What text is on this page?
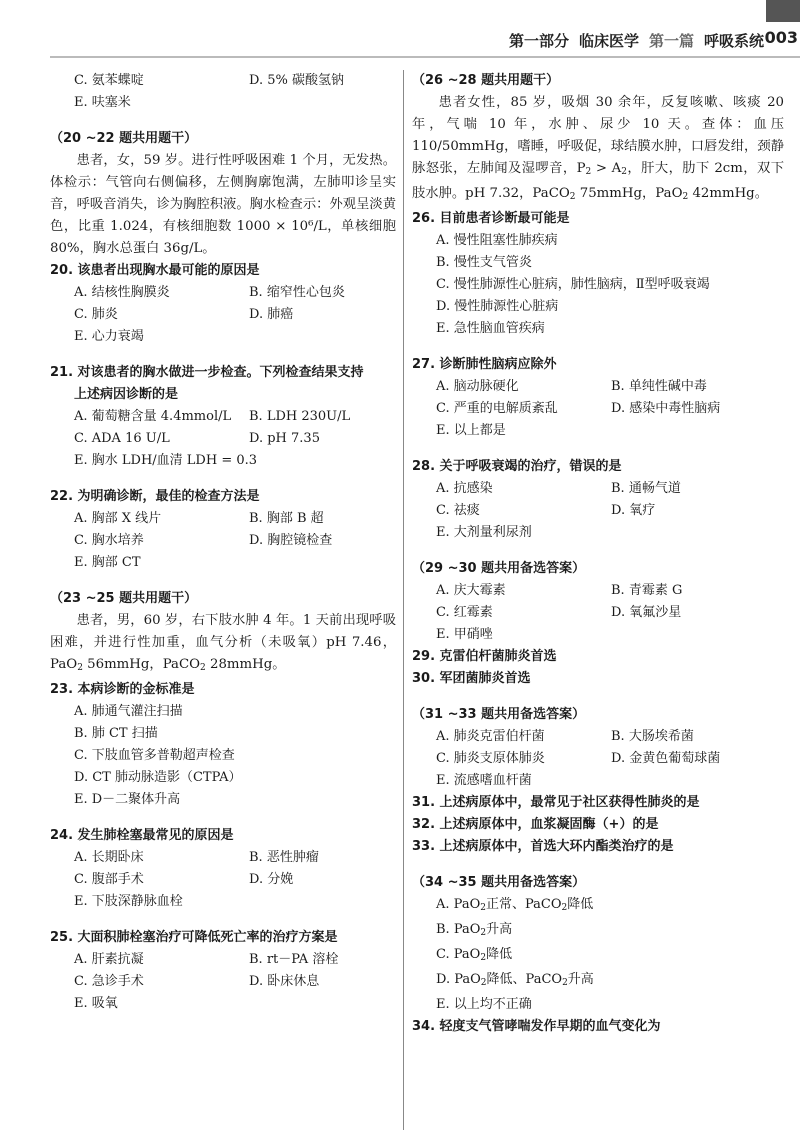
第一部分 临床医学 第一篇 呼吸系统 003
C. 氨苯蝶啶	D. 5% 碳酸氢钠
E. 呋塞米
（20 ~22 题共用题干）
患者，女，59 岁。进行性呼吸困难 1 个月，无发热。体检示：气管向右侧偏移，左侧胸廓饱满，左肺叩诊呈实音，呼吸音消失，诊为胸腔积液。胸水检查示：外观呈淡黄色，比重 1.024，有核细胞数 1000 × 10⁶/L，单核细胞 80%，胸水总蛋白 36g/L。
20. 该患者出现胸水最可能的原因是
A. 结核性胸膜炎	B. 缩窄性心包炎
C. 肺炎	D. 肺癌
E. 心力衰竭
21. 对该患者的胸水做进一步检查。下列检查结果支持
上述病因诊断的是
A. 葡萄糖含量 4.4mmol/L	B. LDH 230U/L
C. ADA 16 U/L	D. pH 7.35
E. 胸水 LDH/血清 LDH = 0.3
22. 为明确诊断，最佳的检查方法是
A. 胸部 X 线片	B. 胸部 B 超
C. 胸水培养	D. 胸腔镜检查
E. 胸部 CT
（23 ~25 题共用题干）
患者，男，60 岁，右下肢水肿 4 年。1 天前出现呼吸困难，并进行性加重，血气分析（未吸氧）pH 7.46，PaO$_2$ 56mmHg，PaCO$_2$ 28mmHg。
23. 本病诊断的金标准是
A. 肺通气灌注扫描
B. 肺 CT 扫描
C. 下肢血管多普勒超声检查
D. CT 肺动脉造影（CTPA）
E. D－二聚体升高
24. 发生肺栓塞最常见的原因是
A. 长期卧床	B. 恶性肿瘤
C. 腹部手术	D. 分娩
E. 下肢深静脉血栓
25. 大面积肺栓塞治疗可降低死亡率的治疗方案是
A. 肝素抗凝	B. rt－PA 溶栓
C. 急诊手术	D. 卧床休息
E. 吸氧
（26 ~28 题共用题干）
患者女性，85 岁，吸烟 30 余年，反复咳嗽、咳痰 20 年，气喘 10 年，水肿、尿少 10 天。查体：血压 110/50mmHg，嗜睡，呼吸促，球结膜水肿，口唇发绀，颈静脉怒张，左肺闻及湿啰音，$P_2 > A_2$，肝大，肋下 2cm，双下肢水肿。pH 7.32，PaCO$_2$ 75mmHg，PaO$_2$ 42mmHg。
26. 目前患者诊断最可能是
A. 慢性阻塞性肺疾病
B. 慢性支气管炎
C. 慢性肺源性心脏病，肺性脑病，Ⅱ型呼吸衰竭
D. 慢性肺源性心脏病
E. 急性脑血管疾病
27. 诊断肺性脑病应除外
A. 脑动脉硬化	B. 单纯性碱中毒
C. 严重的电解质紊乱	D. 感染中毒性脑病
E. 以上都是
28. 关于呼吸衰竭的治疗，错误的是
A. 抗感染	B. 通畅气道
C. 祛痰	D. 氧疗
E. 大剂量利尿剂
（29 ~30 题共用备选答案）
A. 庆大霉素	B. 青霉素 G
C. 红霉素	D. 氧氟沙星
E. 甲硝唑
29. 克雷伯杆菌肺炎首选
30. 军团菌肺炎首选
（31 ~33 题共用备选答案）
A. 肺炎克雷伯杆菌	B. 大肠埃希菌
C. 肺炎支原体肺炎	D. 金黄色葡萄球菌
E. 流感嗜血杆菌
31. 上述病原体中，最常见于社区获得性肺炎的是
32. 上述病原体中，血浆凝固酶（+）的是
33. 上述病原体中，首选大环内酯类治疗的是
（34 ~35 题共用备选答案）
A. PaO$_2$正常、PaCO$_2$降低
B. PaO$_2$升高
C. PaO$_2$降低
D. PaO$_2$降低、PaCO$_2$升高
E. 以上均不正确
34. 轻度支气管哮喘发作早期的血气变化为
